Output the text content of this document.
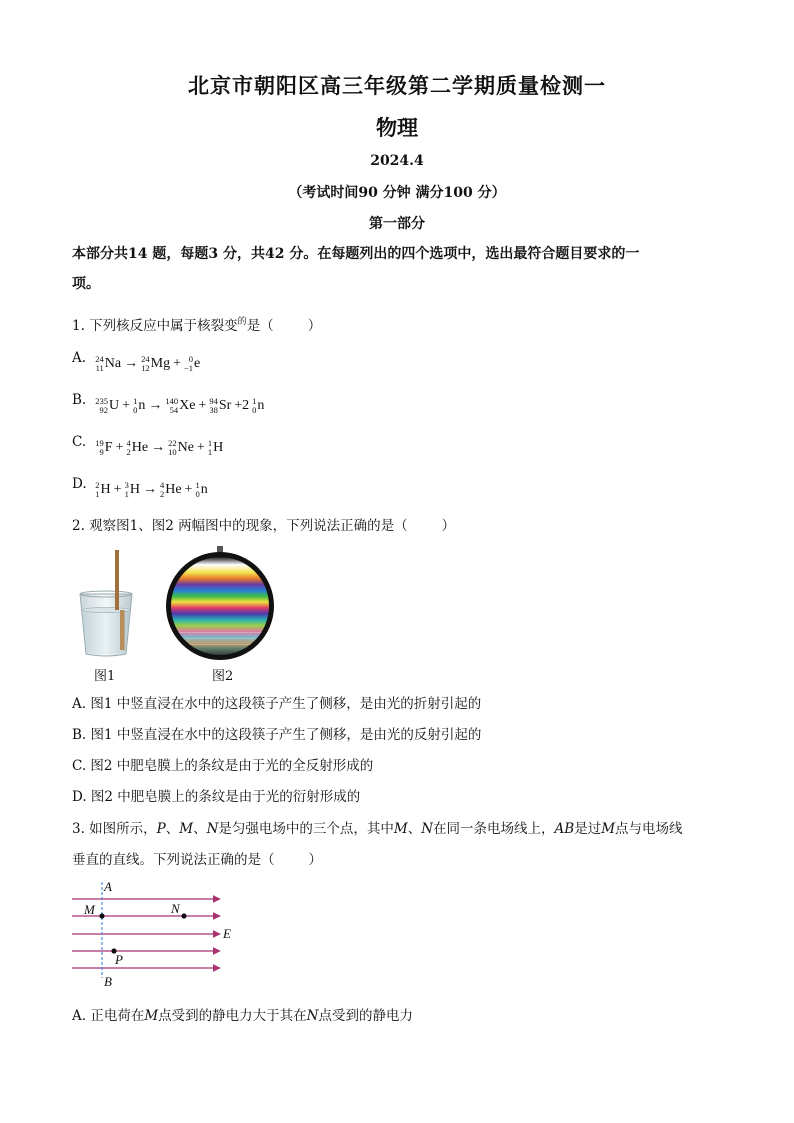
北京市朝阳区高三年级第二学期质量检测一
物理
2024.4
（考试时间90 分钟 满分100 分）
第一部分
本部分共14 题，每题3 分，共42 分。在每题列出的四个选项中，选出最符合题目要求的一
项。
1. 下列核反应中属于核裂变$^的$是（	）
A. 24
11 Na → 24
12 Mg + 0
−1 e
B. 235
92 U + 1
0 n → 140
54 Xe + 94
38 Sr +2 1
0 n
C. 19
9 F + 4
2 He → 22
10 Ne + 1
1 H
D. 2
1 H + 3
1 H → 4
2 He + 1
0 n
2. 观察图1、图2 两幅图中的现象，下列说法正确的是（	）
图1	图2
A. 图1 中竖直浸在水中的这段筷子产生了侧移，是由光的折射引起的
B. 图1 中竖直浸在水中的这段筷子产生了侧移，是由光的反射引起的
C. 图2 中肥皂膜上的条纹是由于光的全反射形成的
D. 图2 中肥皂膜上的条纹是由于光的衍射形成的
3. 如图所示，P、M、N是匀强电场中的三个点，其中M、N在同一条电场线上，AB是过M点与电场线
垂直的直线。下列说法正确的是（	）
A
M	N
E
P
B
A. 正电荷在M点受到的静电力大于其在N点受到的静电力
